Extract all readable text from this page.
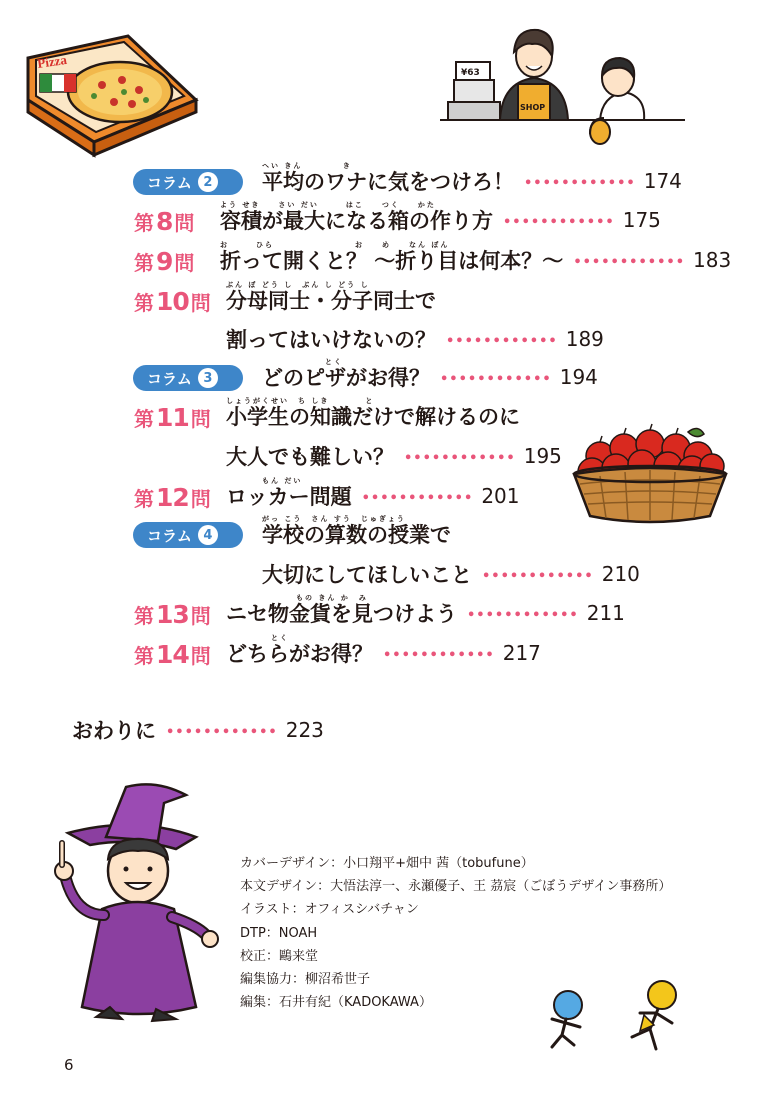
Pizza
¥63
SHOP
コラム 2
へい きん　　　　 き
平均のワナに気をつけろ！ •••••••••••• 174
第 8 問
よう せき　　さい だい　　　はこ　　つく　　かた
容積が最大になる箱の作り方 •••••••••••• 175
第 9 問
お　　　ひら　　　　　　　　　お　　め　　なん ぼん
折って開くと？ ～折り目は何本？～ •••••••••••• 183
第 10 問
ぶん ぼ どう し　ぶん し どう し
分母同士・分子同士で
割ってはいけないの？ •••••••••••• 189
コラム 3
　　　　　　　とく
どのピザがお得？ •••••••••••• 194
第 11 問
しょうがくせい　ち しき　　　　と
小学生の知識だけで解けるのに
大人でも難しい？ •••••••••••• 195
第 12 問
　　　　もん だい
ロッカー問題 •••••••••••• 201
コラム 4
がっ こう　さん すう　じゅぎょう
学校の算数の授業で
大切にしてほしいこと •••••••••••• 210
第 13 問
もの きん か　み
ニセ物金貨を見つけよう •••••••••••• 211
第 14 問
　　　　　とく
どちらがお得？ •••••••••••• 217
おわりに •••••••••••• 223
カバーデザイン：小口翔平+畑中 茜（tobufune）
本文デザイン：大悟法淳一、永瀬優子、王 茘宸（ごぼうデザイン事務所）
イラスト：オフィスシバチャン
DTP：NOAH
校正：鷗来堂
編集協力：柳沼希世子
編集：石井有紀（KADOKAWA）
6
